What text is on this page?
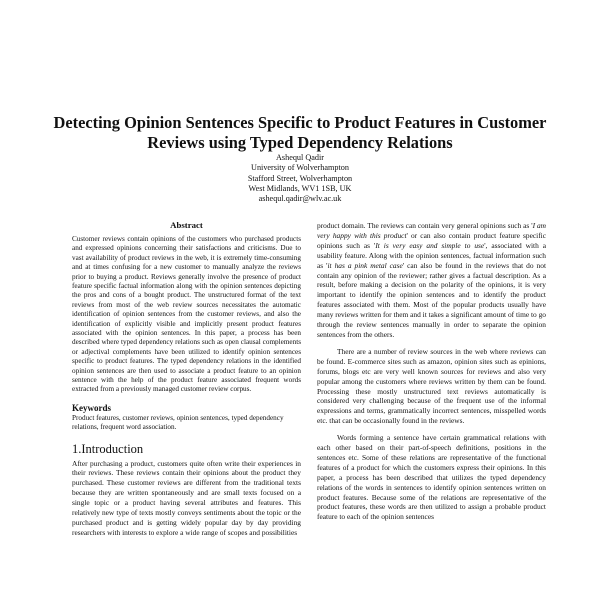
Detecting Opinion Sentences Specific to Product Features in Customer Reviews using Typed Dependency Relations
Ashequl Qadir
University of Wolverhampton
Stafford Street, Wolverhampton
West Midlands, WV1 1SB, UK
ashequl.qadir@wlv.ac.uk
Abstract

Customer reviews contain opinions of the customers who purchased products and expressed opinions concerning their satisfactions and criticisms. Due to vast availability of product reviews in the web, it is extremely time-consuming and at times confusing for a new customer to manually analyze the reviews prior to buying a product. Reviews generally involve the presence of product feature specific factual information along with the opinion sentences depicting the pros and cons of a bought product. The unstructured format of the text reviews from most of the web review sources necessitates the automatic identification of opinion sentences from the customer reviews, and also the identification of explicitly visible and implicitly present product features associated with the opinion sentences. In this paper, a process has been described where typed dependency relations such as open clausal complements or adjectival complements have been utilized to identify opinion sentences specific to product features. The typed dependency relations in the identified opinion sentences are then used to associate a product feature to an opinion sentence with the help of the product feature associated frequent words extracted from a previously managed customer review corpus.

Keywords

Product features, customer reviews, opinion sentences, typed dependency relations, frequent word association.

1.Introduction

After purchasing a product, customers quite often write their experiences in their reviews. These reviews contain their opinions about the product they purchased. These customer reviews are different from the traditional texts because they are written spontaneously and are small texts focused on a single topic or a product having several attributes and features. This relatively new type of texts mostly conveys sentiments about the topic or the purchased product and is getting widely popular day by day providing researchers with interests to explore a wide range of scopes and possibilities

product domain. The reviews can contain very general opinions such as 'I am very happy with this product' or can also contain product feature specific opinions such as 'It is very easy and simple to use', associated with a usability feature. Along with the opinion sentences, factual information such as 'it has a pink metal case' can also be found in the reviews that do not contain any opinion of the reviewer; rather gives a factual description. As a result, before making a decision on the polarity of the opinions, it is very important to identify the opinion sentences and to identify the product features associated with them. Most of the popular products usually have many reviews written for them and it takes a significant amount of time to go through the review sentences manually in order to separate the opinion sentences from the others.

There are a number of review sources in the web where reviews can be found. E-commerce sites such as amazon, opinion sites such as epinions, forums, blogs etc are very well known sources for reviews and also very popular among the customers where reviews written by them can be found. Processing these mostly unstructured text reviews automatically is considered very challenging because of the frequent use of the informal expressions and terms, grammatically incorrect sentences, misspelled words etc. that can be occasionally found in the reviews.

Words forming a sentence have certain grammatical relations with each other based on their part-of-speech definitions, positions in the sentences etc. Some of these relations are representative of the functional features of a product for which the customers express their opinions. In this paper, a process has been described that utilizes the typed dependency relations of the words in sentences to identify opinion sentences written on product features. Because some of the relations are representative of the product features, these words are then utilized to assign a probable product feature to each of the opinion sentences
